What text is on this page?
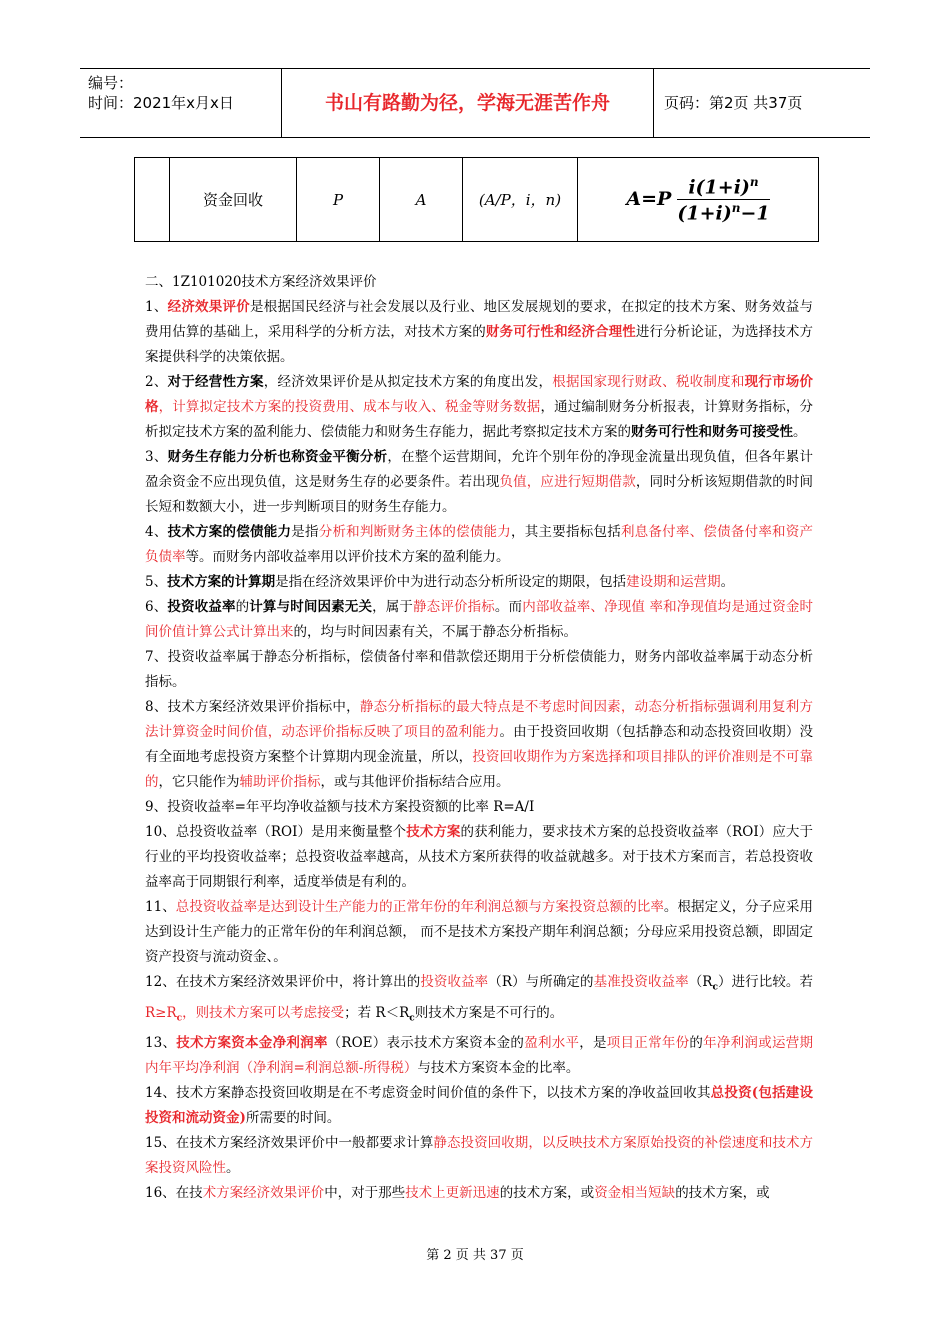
编号：
时间：2021年x月x日	书山有路勤为径，学海无涯苦作舟	页码：第2页 共37页
	资金回收	P	A	(A/P，i，n)	$A=P \frac{i(1+i)^n}{(1+i)^n-1}$

二、1Z101020技术方案经济效果评价

1、经济效果评价是根据国民经济与社会发展以及行业、地区发展规划的要求，在拟定的技术方案、财务效益与费用估算的基础上，采用科学的分析方法，对技术方案的财务可行性和经济合理性进行分析论证，为选择技术方案提供科学的决策依据。

2、对于经营性方案，经济效果评价是从拟定技术方案的角度出发，根据国家现行财政、税收制度和现行市场价格，计算拟定技术方案的投资费用、成本与收入、税金等财务数据，通过编制财务分析报表，计算财务指标，分析拟定技术方案的盈利能力、偿债能力和财务生存能力，据此考察拟定技术方案的财务可行性和财务可接受性。

3、财务生存能力分析也称资金平衡分析，在整个运营期间，允许个别年份的净现金流量出现负值，但各年累计盈余资金不应出现负值，这是财务生存的必要条件。若出现负值，应进行短期借款，同时分析该短期借款的时间长短和数额大小，进一步判断项目的财务生存能力。

4、技术方案的偿债能力是指分析和判断财务主体的偿债能力，其主要指标包括利息备付率、偿债备付率和资产负债率等。而财务内部收益率用以评价技术方案的盈利能力。

5、技术方案的计算期是指在经济效果评价中为进行动态分析所设定的期限，包括建设期和运营期。

6、投资收益率的计算与时间因素无关，属于静态评价指标。而内部收益率、净现值 率和净现值均是通过资金时间价值计算公式计算出来的，均与时间因素有关，不属于静态分析指标。

7、投资收益率属于静态分析指标，偿债备付率和借款偿还期用于分析偿债能力，财务内部收益率属于动态分析指标。

8、技术方案经济效果评价指标中，静态分析指标的最大特点是不考虑时间因素，动态分析指标强调利用复利方法计算资金时间价值，动态评价指标反映了项目的盈利能力。由于投资回收期（包括静态和动态投资回收期）没有全面地考虑投资方案整个计算期内现金流量，所以，投资回收期作为方案选择和项目排队的评价准则是不可靠的，它只能作为辅助评价指标，或与其他评价指标结合应用。

9、投资收益率=年平均净收益额与技术方案投资额的比率 R=A/I

10、总投资收益率（ROI）是用来衡量整个技术方案的获利能力，要求技术方案的总投资收益率（ROI）应大于行业的平均投资收益率；总投资收益率越高，从技术方案所获得的收益就越多。对于技术方案而言，若总投资收益率高于同期银行利率，适度举债是有利的。

11、总投资收益率是达到设计生产能力的正常年份的年利润总额与方案投资总额的比率。根据定义，分子应采用达到设计生产能力的正常年份的年利润总额， 而不是技术方案投产期年利润总额；分母应采用投资总额，即固定资产投资与流动资金、。

12、在技术方案经济效果评价中，将计算出的投资收益率（R）与所确定的基准投资收益率$(R_c)$进行比较。若$R\ge R_c$，则技术方案可以考虑接受；若 $R<R_c$则技术方案是不可行的。

13、技术方案资本金净利润率（ROE）表示技术方案资本金的盈利水平，是项目正常年份的年净利润或运营期内年平均净利润（净利润=利润总额-所得税）与技术方案资本金的比率。

14、技术方案静态投资回收期是在不考虑资金时间价值的条件下，以技术方案的净收益回收其总投资(包括建设投资和流动资金)所需要的时间。

15、在技术方案经济效果评价中一般都要求计算静态投资回收期，以反映技术方案原始投资的补偿速度和技术方案投资风险性。

16、在技术方案经济效果评价中，对于那些技术上更新迅速的技术方案，或资金相当短缺的技术方案，或

第 2 页 共 37 页
